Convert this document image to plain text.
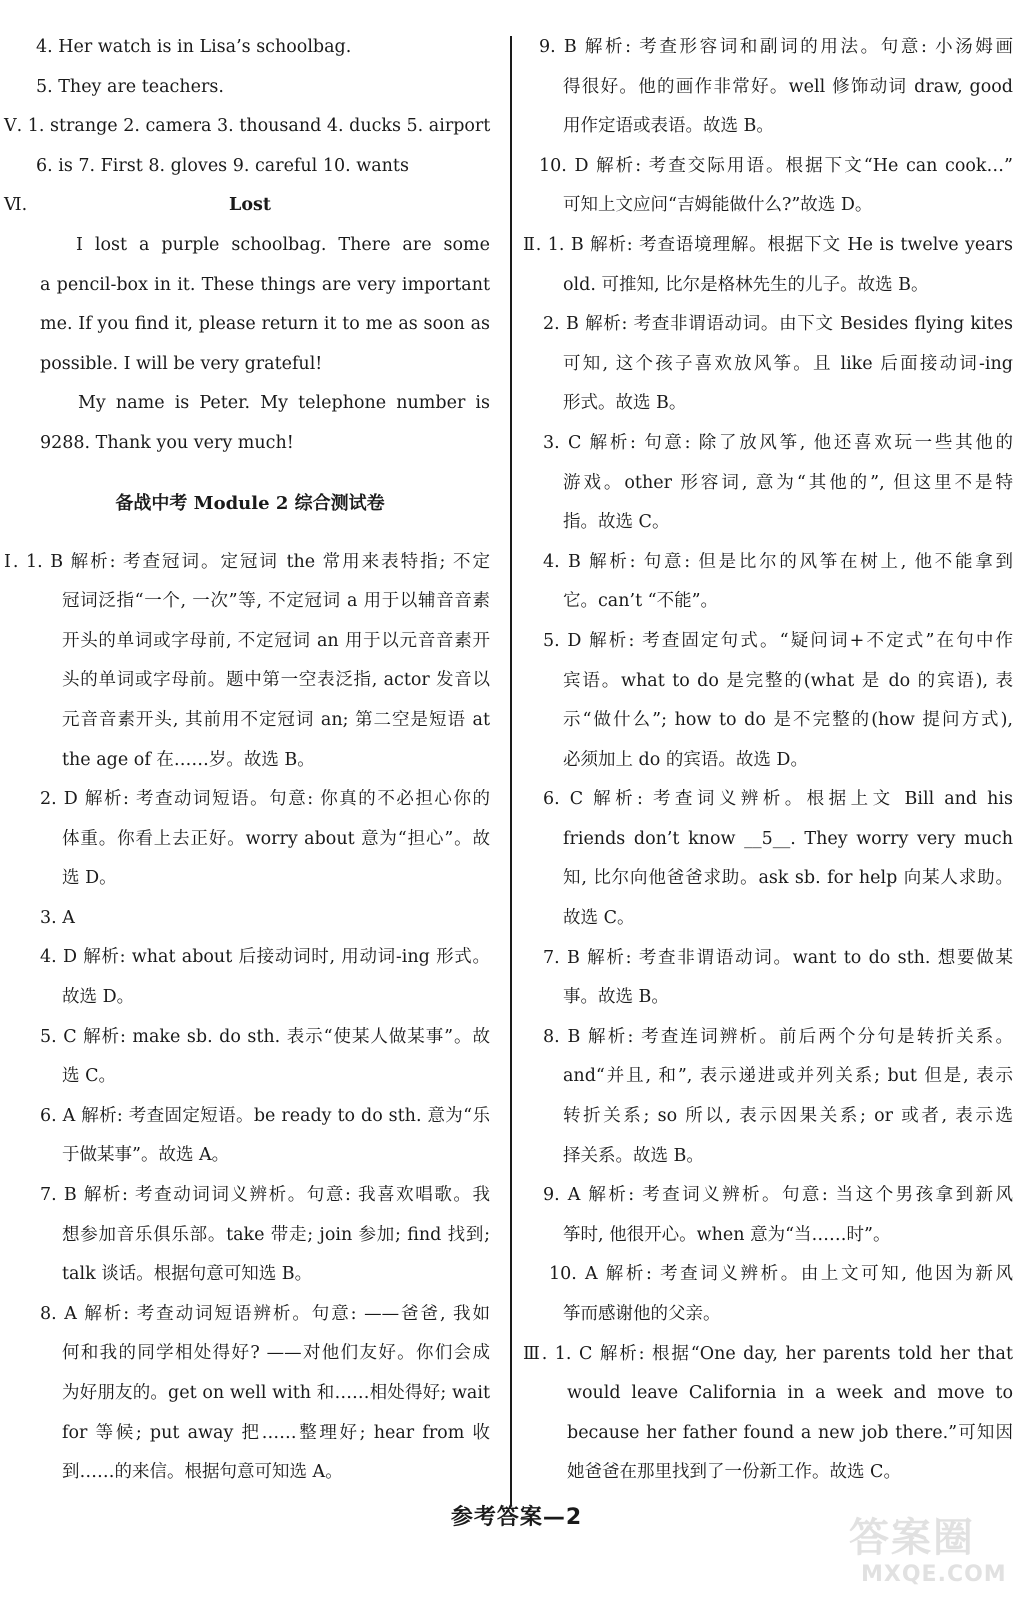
4. Her watch is in Lisa’s schoolbag.
5. They are teachers.
Ⅴ. 1. strange 2. camera 3. thousand 4. ducks 5. airport
6. is 7. First 8. gloves 9. careful 10. wants
Ⅵ.	Lost
I lost a purple schoolbag. There are some
a pencil-box in it. These things are very important
me. If you find it, please return it to me as soon as
possible. I will be very grateful!
My name is Peter. My telephone number is
9288. Thank you very much!
备战中考 Module 2 综合测试卷
Ⅰ. 1. B 解析: 考查冠词。定冠词 the 常用来表特指; 不定
冠词泛指“一个, 一次”等, 不定冠词 a 用于以辅音音素
开头的单词或字母前, 不定冠词 an 用于以元音音素开
头的单词或字母前。题中第一空表泛指, actor 发音以
元音音素开头, 其前用不定冠词 an; 第二空是短语 at
the age of 在……岁。故选 B。
2. D 解析: 考查动词短语。句意: 你真的不必担心你的
体重。你看上去正好。worry about 意为“担心”。故
选 D。
3. A
4. D 解析: what about 后接动词时, 用动词-ing 形式。
故选 D。
5. C 解析: make sb. do sth. 表示“使某人做某事”。故
选 C。
6. A 解析: 考查固定短语。be ready to do sth. 意为“乐
于做某事”。故选 A。
7. B 解析: 考查动词词义辨析。句意: 我喜欢唱歌。我
想参加音乐俱乐部。take 带走; join 参加; find 找到;
talk 谈话。根据句意可知选 B。
8. A 解析: 考查动词短语辨析。句意: ——爸爸, 我如
何和我的同学相处得好? ——对他们友好。你们会成
为好朋友的。get on well with 和……相处得好; wait
for 等候; put away 把……整理好; hear from 收
到……的来信。根据句意可知选 A。
9. B 解析: 考查形容词和副词的用法。句意: 小汤姆画
得很好。他的画作非常好。well 修饰动词 draw, good
用作定语或表语。故选 B。
10. D 解析: 考查交际用语。根据下文“He can cook…”
可知上文应问“吉姆能做什么?”故选 D。
Ⅱ. 1. B 解析: 考查语境理解。根据下文 He is twelve years
old. 可推知, 比尔是格林先生的儿子。故选 B。
2. B 解析: 考查非谓语动词。由下文 Besides flying kites
可知, 这个孩子喜欢放风筝。且 like 后面接动词-ing
形式。故选 B。
3. C 解析: 句意: 除了放风筝, 他还喜欢玩一些其他的
游戏。other 形容词, 意为“其他的”, 但这里不是特
指。故选 C。
4. B 解析: 句意: 但是比尔的风筝在树上, 他不能拿到
它。can’t “不能”。
5. D 解析: 考查固定句式。“疑问词+不定式”在句中作
宾语。what to do 是完整的(what 是 do 的宾语), 表
示“做什么”; how to do 是不完整的(how 提问方式),
必须加上 do 的宾语。故选 D。
6. C 解析: 考查词义辨析。根据上文 Bill and his
friends don’t know __5__. They worry very much
知, 比尔向他爸爸求助。ask sb. for help 向某人求助。
故选 C。
7. B 解析: 考查非谓语动词。want to do sth. 想要做某
事。故选 B。
8. B 解析: 考查连词辨析。前后两个分句是转折关系。
and“并且, 和”, 表示递进或并列关系; but 但是, 表示
转折关系; so 所以, 表示因果关系; or 或者, 表示选
择关系。故选 B。
9. A 解析: 考查词义辨析。句意: 当这个男孩拿到新风
筝时, 他很开心。when 意为“当……时”。
10. A 解析: 考查词义辨析。由上文可知, 他因为新风
筝而感谢他的父亲。
Ⅲ. 1. C 解析: 根据“One day, her parents told her that
would leave California in a week and move to
because her father found a new job there.”可知因
她爸爸在那里找到了一份新工作。故选 C。
参考答案—2	答案圈
MXQE.COM
